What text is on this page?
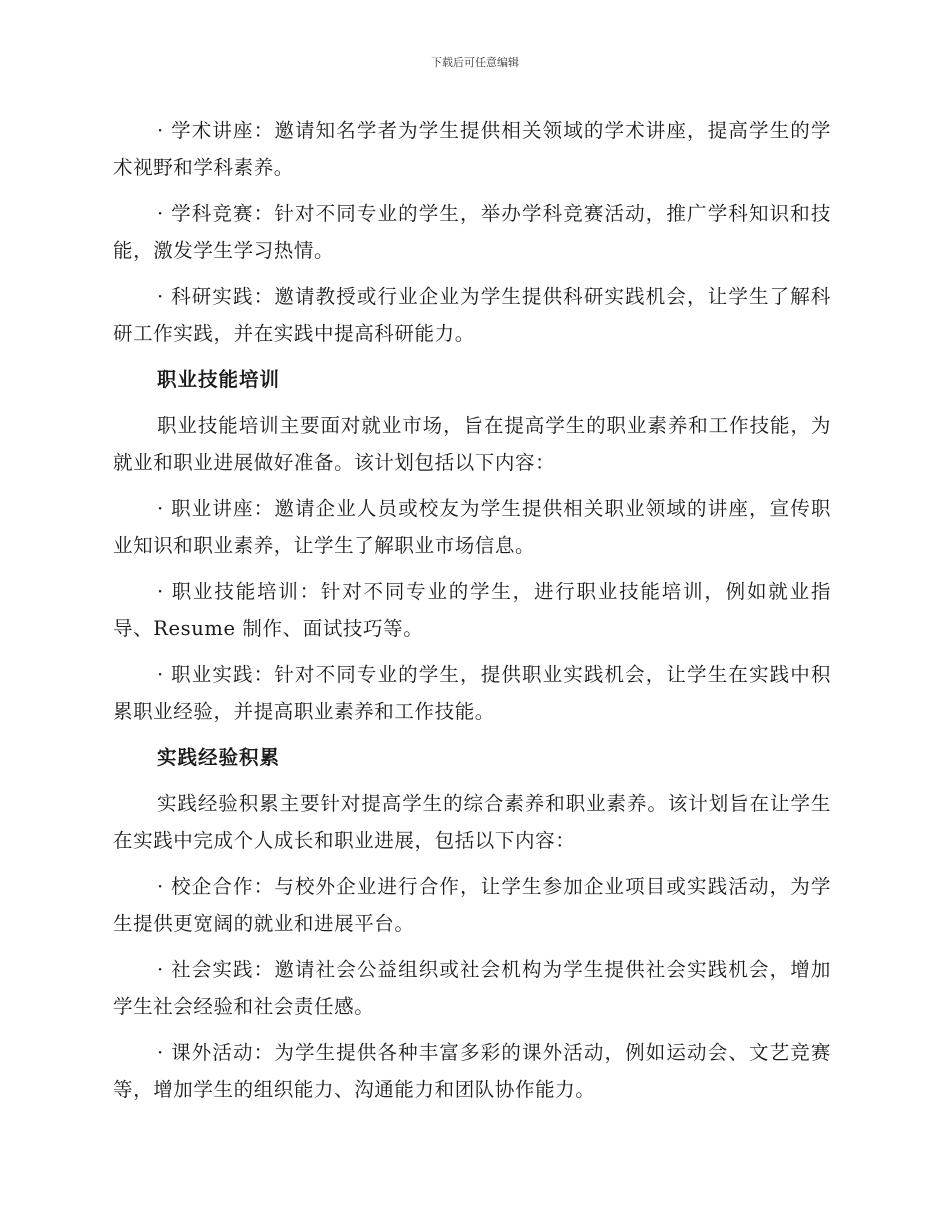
下载后可任意编辑

· 学术讲座：邀请知名学者为学生提供相关领域的学术讲座，提高学生的学术视野和学科素养。

· 学科竞赛：针对不同专业的学生，举办学科竞赛活动，推广学科知识和技能，激发学生学习热情。

· 科研实践：邀请教授或行业企业为学生提供科研实践机会，让学生了解科研工作实践，并在实践中提高科研能力。

职业技能培训

职业技能培训主要面对就业市场，旨在提高学生的职业素养和工作技能，为就业和职业进展做好准备。该计划包括以下内容：

· 职业讲座：邀请企业人员或校友为学生提供相关职业领域的讲座，宣传职业知识和职业素养，让学生了解职业市场信息。

· 职业技能培训：针对不同专业的学生，进行职业技能培训，例如就业指导、Resume 制作、面试技巧等。

· 职业实践：针对不同专业的学生，提供职业实践机会，让学生在实践中积累职业经验，并提高职业素养和工作技能。

实践经验积累

实践经验积累主要针对提高学生的综合素养和职业素养。该计划旨在让学生在实践中完成个人成长和职业进展，包括以下内容：

· 校企合作：与校外企业进行合作，让学生参加企业项目或实践活动，为学生提供更宽阔的就业和进展平台。

· 社会实践：邀请社会公益组织或社会机构为学生提供社会实践机会，增加学生社会经验和社会责任感。

· 课外活动：为学生提供各种丰富多彩的课外活动，例如运动会、文艺竞赛等，增加学生的组织能力、沟通能力和团队协作能力。
